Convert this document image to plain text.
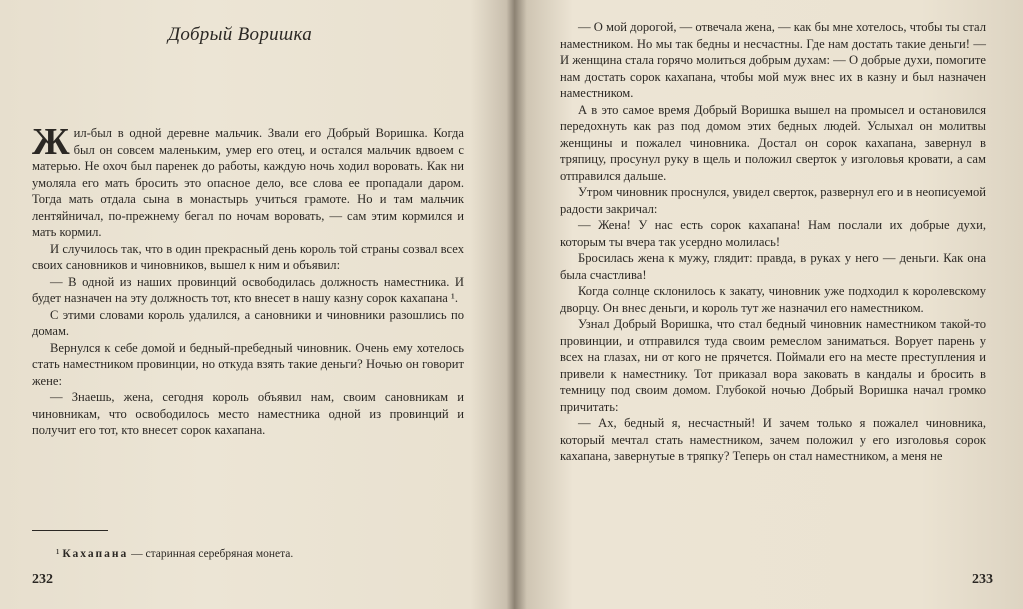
Добрый Воришка

Жил-был в одной деревне мальчик. Звали его Добрый Воришка. Когда был он совсем маленьким, умер его отец, и остался мальчик вдвоем с матерью. Не охоч был паренек до работы, каждую ночь ходил воровать. Как ни умоляла его мать бросить это опасное дело, все слова ее пропадали даром. Тогда мать отдала сына в монастырь учиться грамоте. Но и там мальчик лентяйничал, по-прежнему бегал по ночам воровать, — сам этим кормился и мать кормил.

И случилось так, что в один прекрасный день король той страны созвал всех своих сановников и чиновников, вышел к ним и объявил:

— В одной из наших провинций освободилась должность наместника. И будет назначен на эту должность тот, кто внесет в нашу казну сорок кахапана ¹.

С этими словами король удалился, а сановники и чиновники разошлись по домам.

Вернулся к себе домой и бедный-пребедный чиновник. Очень ему хотелось стать наместником провинции, но откуда взять такие деньги? Ночью он говорит жене:

— Знаешь, жена, сегодня король объявил нам, своим сановникам и чиновникам, что освободилось место наместника одной из провинций и получит его тот, кто внесет сорок кахапана.

¹ Кахапана — старинная серебряная монета.
232

— О мой дорогой, — отвечала жена, — как бы мне хотелось, чтобы ты стал наместником. Но мы так бедны и несчастны. Где нам достать такие деньги! — И женщина стала горячо молиться добрым духам: — О добрые духи, помогите нам достать сорок кахапана, чтобы мой муж внес их в казну и был назначен наместником.

А в это самое время Добрый Воришка вышел на промысел и остановился передохнуть как раз под домом этих бедных людей. Услыхал он молитвы женщины и пожалел чиновника. Достал он сорок кахапана, завернул в тряпицу, просунул руку в щель и положил сверток у изголовья кровати, а сам отправился дальше.

Утром чиновник проснулся, увидел сверток, развернул его и в неописуемой радости закричал:

— Жена! У нас есть сорок кахапана! Нам послали их добрые духи, которым ты вчера так усердно молилась!

Бросилась жена к мужу, глядит: правда, в руках у него — деньги. Как она была счастлива!

Когда солнце склонилось к закату, чиновник уже подходил к королевскому дворцу. Он внес деньги, и король тут же назначил его наместником.

Узнал Добрый Воришка, что стал бедный чиновник наместником такой-то провинции, и отправился туда своим ремеслом заниматься. Ворует парень у всех на глазах, ни от кого не прячется. Поймали его на месте преступления и привели к наместнику. Тот приказал вора заковать в кандалы и бросить в темницу под своим домом. Глубокой ночью Добрый Воришка начал громко причитать:

— Ах, бедный я, несчастный! И зачем только я пожалел чиновника, который мечтал стать наместником, зачем положил у его изголовья сорок кахапана, завернутые в тряпку? Теперь он стал наместником, а меня не

233
